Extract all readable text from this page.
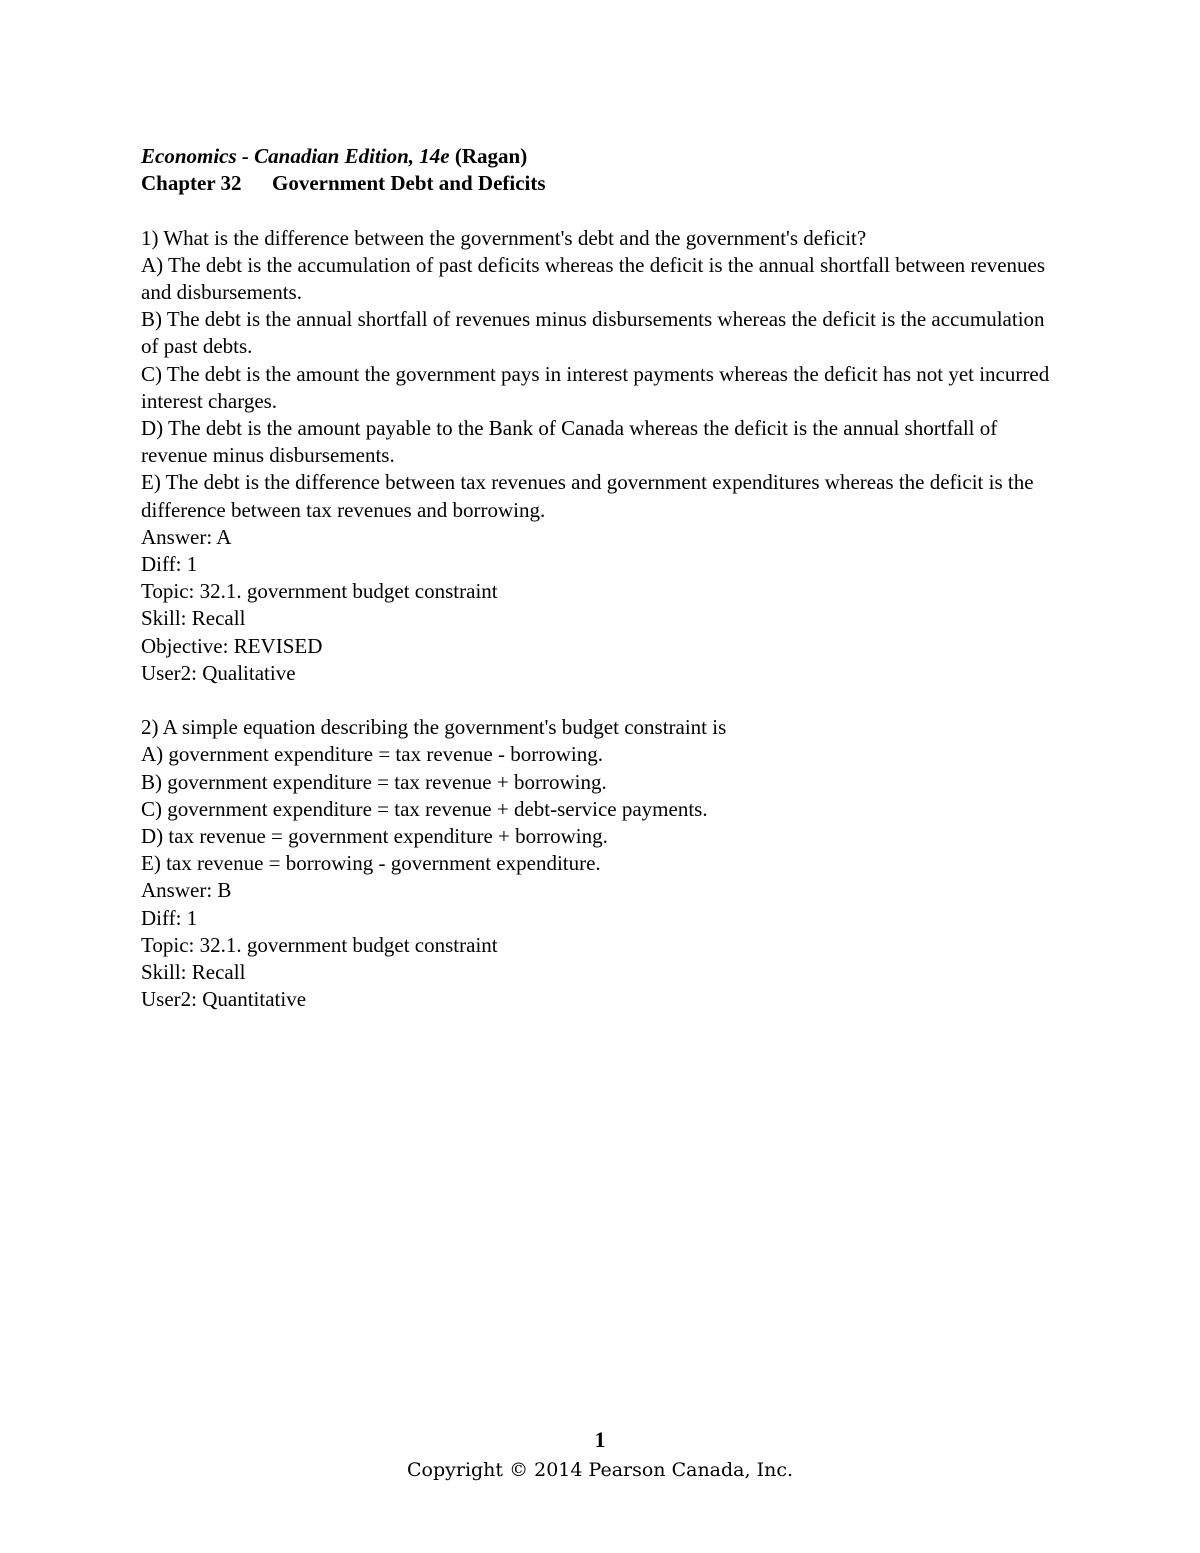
Economics - Canadian Edition, 14e (Ragan)

Chapter 32 Government Debt and Deficits

1) What is the difference between the government's debt and the government's deficit?

A) The debt is the accumulation of past deficits whereas the deficit is the annual shortfall between revenues and disbursements.

B) The debt is the annual shortfall of revenues minus disbursements whereas the deficit is the accumulation of past debts.

C) The debt is the amount the government pays in interest payments whereas the deficit has not yet incurred interest charges.

D) The debt is the amount payable to the Bank of Canada whereas the deficit is the annual shortfall of revenue minus disbursements.

E) The debt is the difference between tax revenues and government expenditures whereas the deficit is the difference between tax revenues and borrowing.

Answer: A

Diff: 1

Topic: 32.1. government budget constraint

Skill: Recall

Objective: REVISED

User2: Qualitative

2) A simple equation describing the government's budget constraint is

A) government expenditure = tax revenue - borrowing.

B) government expenditure = tax revenue + borrowing.

C) government expenditure = tax revenue + debt-service payments.

D) tax revenue = government expenditure + borrowing.

E) tax revenue = borrowing - government expenditure.

Answer: B

Diff: 1

Topic: 32.1. government budget constraint

Skill: Recall

User2: Quantitative

1
Copyright © 2014 Pearson Canada, Inc.
